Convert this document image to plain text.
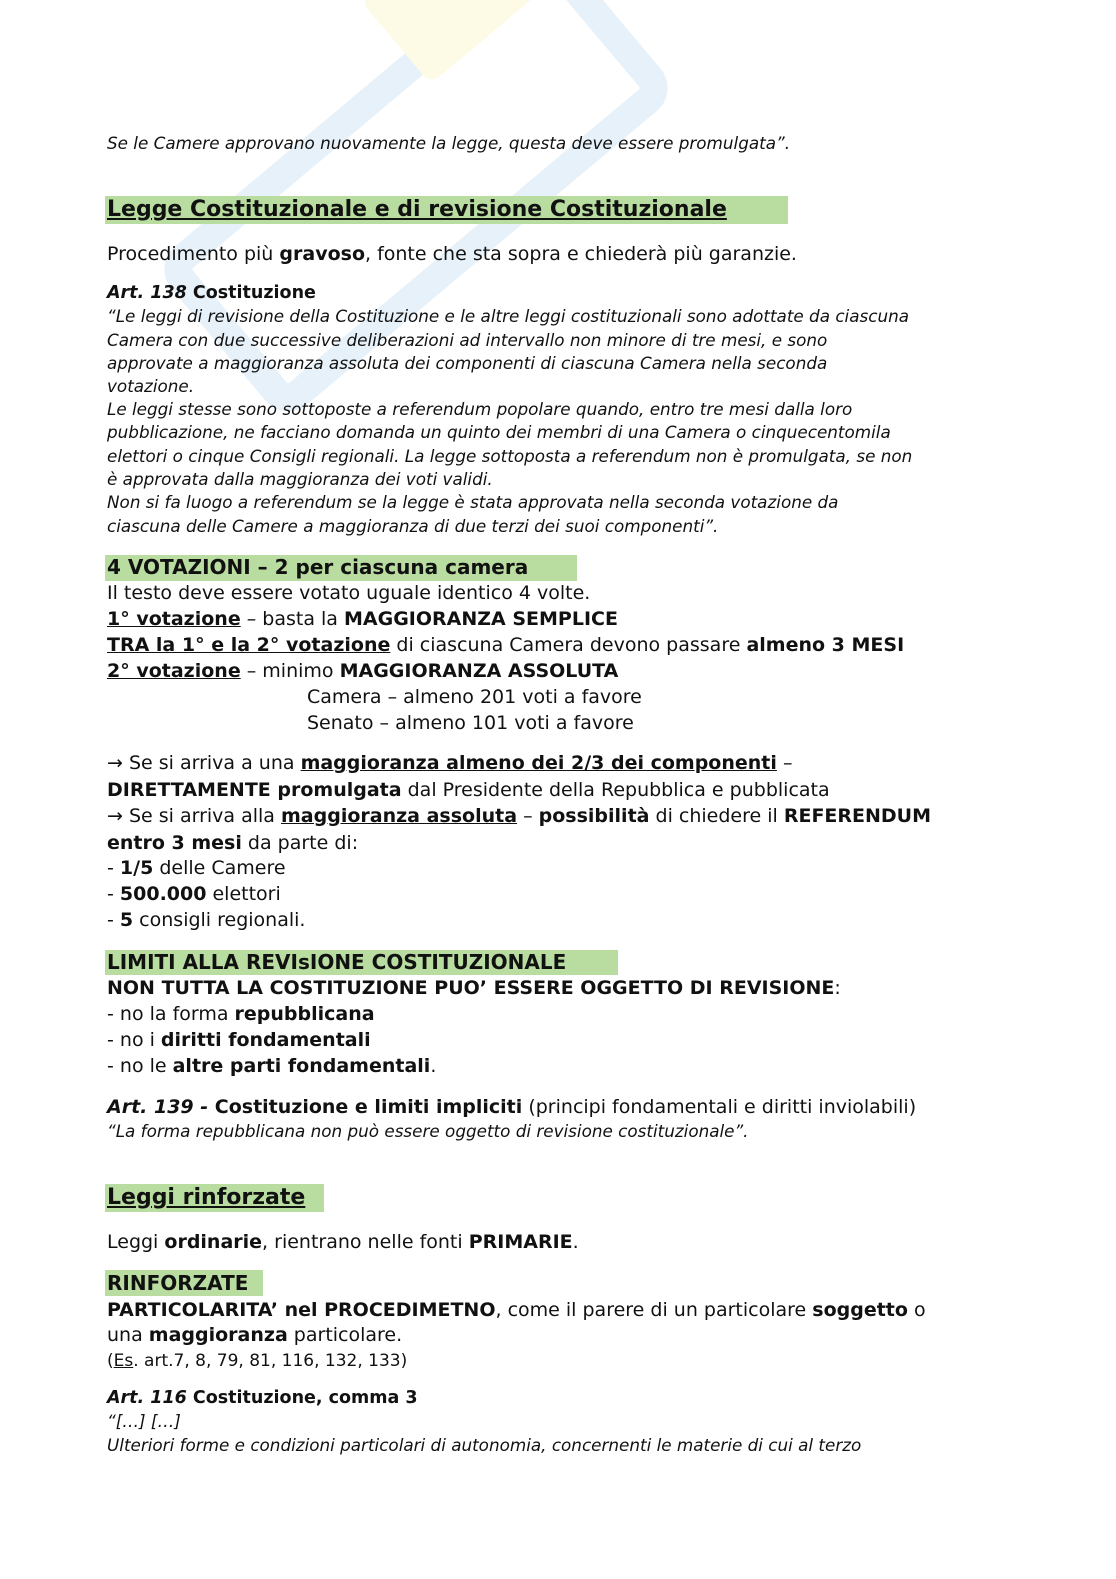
Se le Camere approvano nuovamente la legge, questa deve essere promulgata”.
Legge Costituzionale e di revisione Costituzionale
Procedimento più gravoso, fonte che sta sopra e chiederà più garanzie.
Art. 138 Costituzione
“Le leggi di revisione della Costituzione e le altre leggi costituzionali sono adottate da ciascuna
Camera con due successive deliberazioni ad intervallo non minore di tre mesi, e sono
approvate a maggioranza assoluta dei componenti di ciascuna Camera nella seconda
votazione.
Le leggi stesse sono sottoposte a referendum popolare quando, entro tre mesi dalla loro
pubblicazione, ne facciano domanda un quinto dei membri di una Camera o cinquecentomila
elettori o cinque Consigli regionali. La legge sottoposta a referendum non è promulgata, se non
è approvata dalla maggioranza dei voti validi.
Non si fa luogo a referendum se la legge è stata approvata nella seconda votazione da
ciascuna delle Camere a maggioranza di due terzi dei suoi componenti”.
4 VOTAZIONI – 2 per ciascuna camera
Il testo deve essere votato uguale identico 4 volte.
1° votazione – basta la MAGGIORANZA SEMPLICE
TRA la 1° e la 2° votazione di ciascuna Camera devono passare almeno 3 MESI
2° votazione – minimo MAGGIORANZA ASSOLUTA
Camera – almeno 201 voti a favore
Senato – almeno 101 voti a favore
→ Se si arriva a una maggioranza almeno dei 2/3 dei componenti –
DIRETTAMENTE promulgata dal Presidente della Repubblica e pubblicata
→ Se si arriva alla maggioranza assoluta – possibilità di chiedere il REFERENDUM
entro 3 mesi da parte di:
- 1/5 delle Camere
- 500.000 elettori
- 5 consigli regionali.
LIMITI ALLA REVIsIONE COSTITUZIONALE
NON TUTTA LA COSTITUZIONE PUO’ ESSERE OGGETTO DI REVISIONE:
- no la forma repubblicana
- no i diritti fondamentali
- no le altre parti fondamentali.
Art. 139 - Costituzione e limiti impliciti (principi fondamentali e diritti inviolabili)
“La forma repubblicana non può essere oggetto di revisione costituzionale”.
Leggi rinforzate
Leggi ordinarie, rientrano nelle fonti PRIMARIE.
RINFORZATE
PARTICOLARITA’ nel PROCEDIMETNO, come il parere di un particolare soggetto o
una maggioranza particolare.
(Es. art.7, 8, 79, 81, 116, 132, 133)
Art. 116 Costituzione, comma 3
“[…] […]
Ulteriori forme e condizioni particolari di autonomia, concernenti le materie di cui al terzo
